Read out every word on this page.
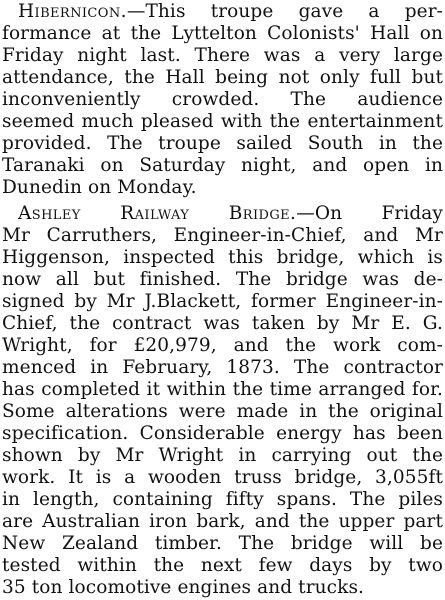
Hibernicon.—This troupe gave a per-
formance at the Lyttelton Colonists' Hall on
Friday night last. There was a very large
attendance, the Hall being not only full but
inconveniently crowded. The audience
seemed much pleased with the entertainment
provided. The troupe sailed South in the
Taranaki on Saturday night, and open in
Dunedin on Monday.
Ashley Railway Bridge.—On Friday
Mr Carruthers, Engineer-in-Chief, and Mr
Higgenson, inspected this bridge, which is
now all but finished. The bridge was de-
signed by Mr J.Blackett, former Engineer-in-
Chief, the contract was taken by Mr E. G.
Wright, for £20,979, and the work com-
menced in February, 1873. The contractor
has completed it within the time arranged for.
Some alterations were made in the original
specification. Considerable energy has been
shown by Mr Wright in carrying out the
work. It is a wooden truss bridge, 3,055ft
in length, containing fifty spans. The piles
are Australian iron bark, and the upper part
New Zealand timber. The bridge will be
tested within the next few days by two
35 ton locomotive engines and trucks.
